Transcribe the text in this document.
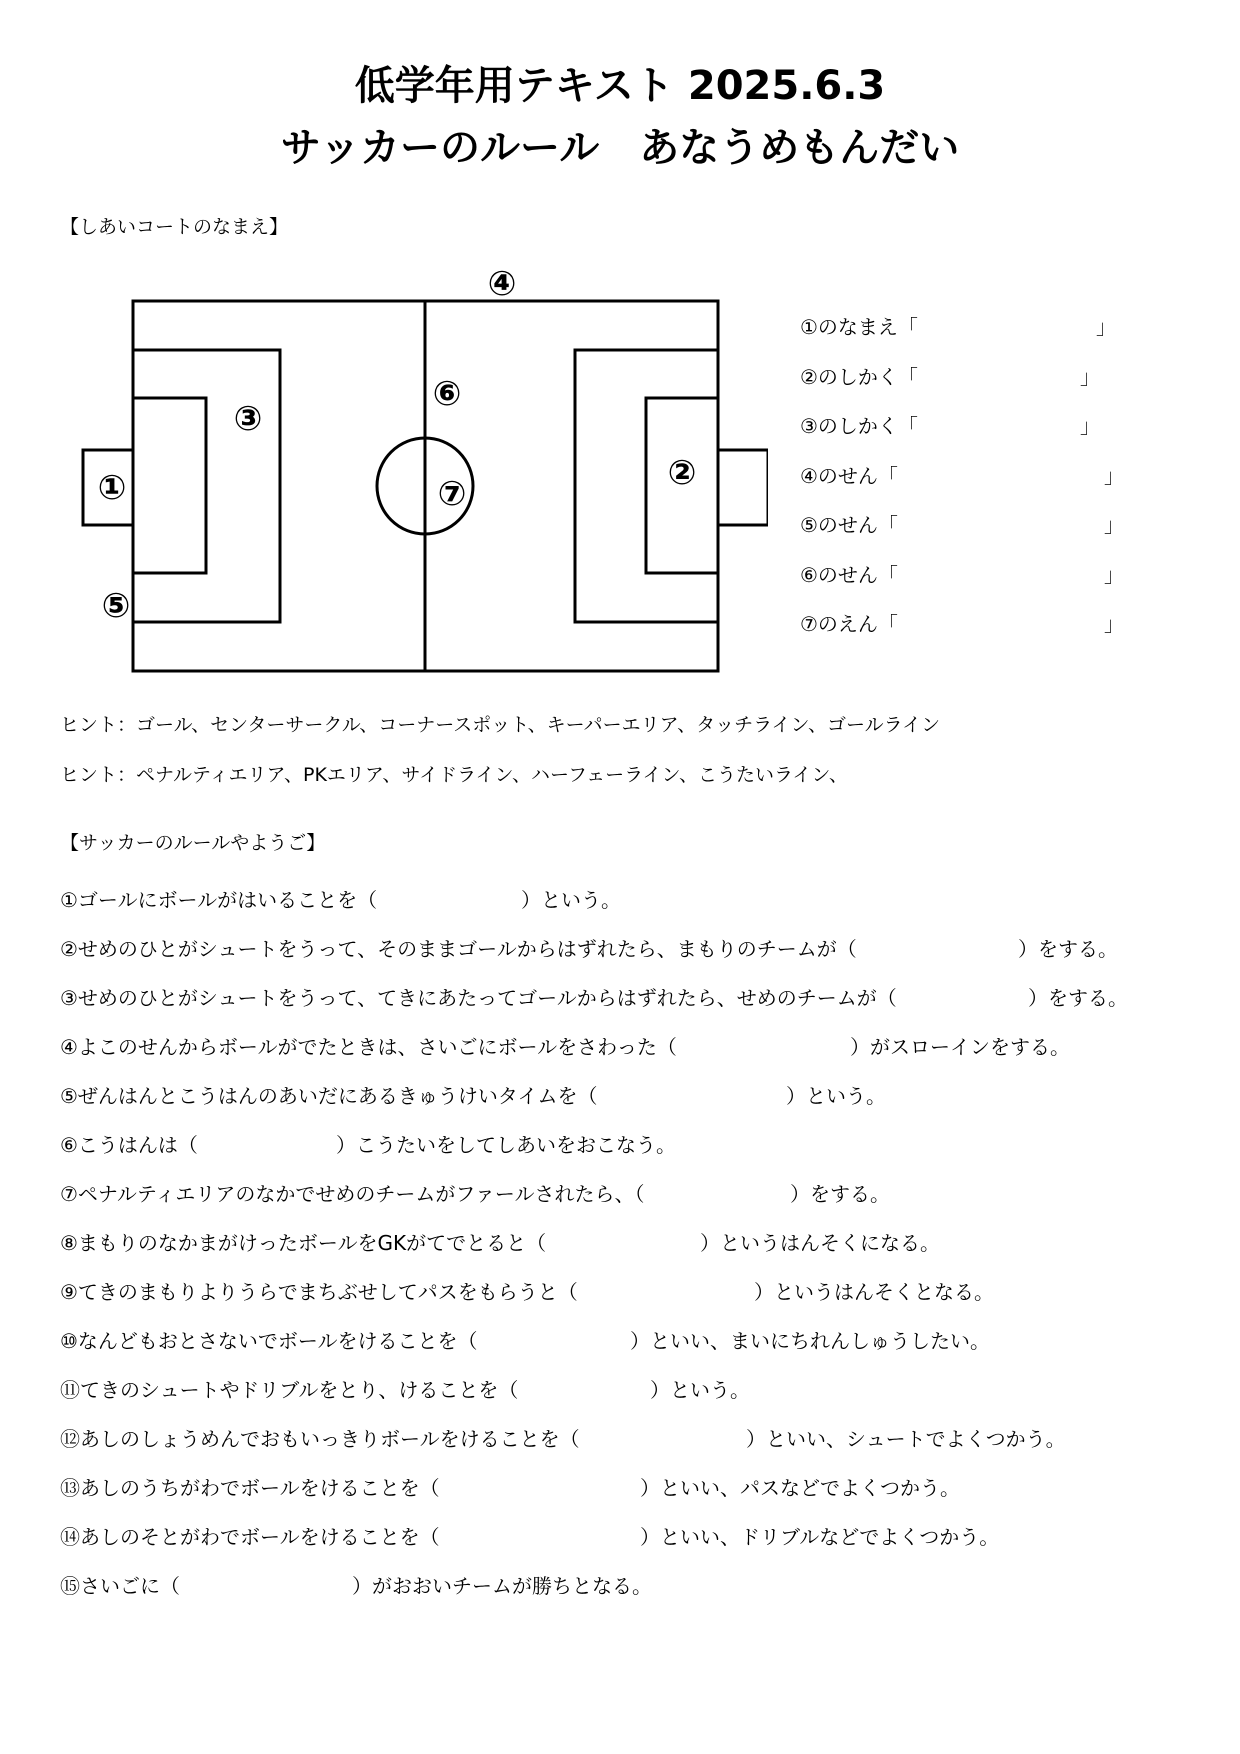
低学年用テキスト 2025.6.3
サッカーのルール　あなうめもんだい
【しあいコートのなまえ】
①	②
③
④
⑤
⑥
⑦
①のなまえ「	」
②のしかく「	」
③のしかく「	」
④のせん「	」
⑤のせん「	」
⑥のせん「	」
⑦のえん「	」
ヒント：ゴール、センターサークル、コーナースポット、キーパーエリア、タッチライン、ゴールライン
ヒント：ペナルティエリア、PKエリア、サイドライン、ハーフェーライン、こうたいライン、
【サッカーのルールやようご】
①ゴールにボールがはいることを（	）という。
②せめのひとがシュートをうって、そのままゴールからはずれたら、まもりのチームが（	）をする。
③せめのひとがシュートをうって、てきにあたってゴールからはずれたら、せめのチームが（	）をする。
④よこのせんからボールがでたときは、さいごにボールをさわった（	）がスローインをする。
⑤ぜんはんとこうはんのあいだにあるきゅうけいタイムを（	）という。
⑥こうはんは（	）こうたいをしてしあいをおこなう。
⑦ペナルティエリアのなかでせめのチームがファールされたら、（	）をする。
⑧まもりのなかまがけったボールをGKがてでとると（	）というはんそくになる。
⑨てきのまもりよりうらでまちぶせしてパスをもらうと（	）というはんそくとなる。
⑩なんどもおとさないでボールをけることを（	）といい、まいにちれんしゅうしたい。
⑪てきのシュートやドリブルをとり、けることを（	）という。
⑫あしのしょうめんでおもいっきりボールをけることを（	）といい、シュートでよくつかう。
⑬あしのうちがわでボールをけることを（	）といい、パスなどでよくつかう。
⑭あしのそとがわでボールをけることを（	）といい、ドリブルなどでよくつかう。
⑮さいごに（	）がおおいチームが勝ちとなる。
